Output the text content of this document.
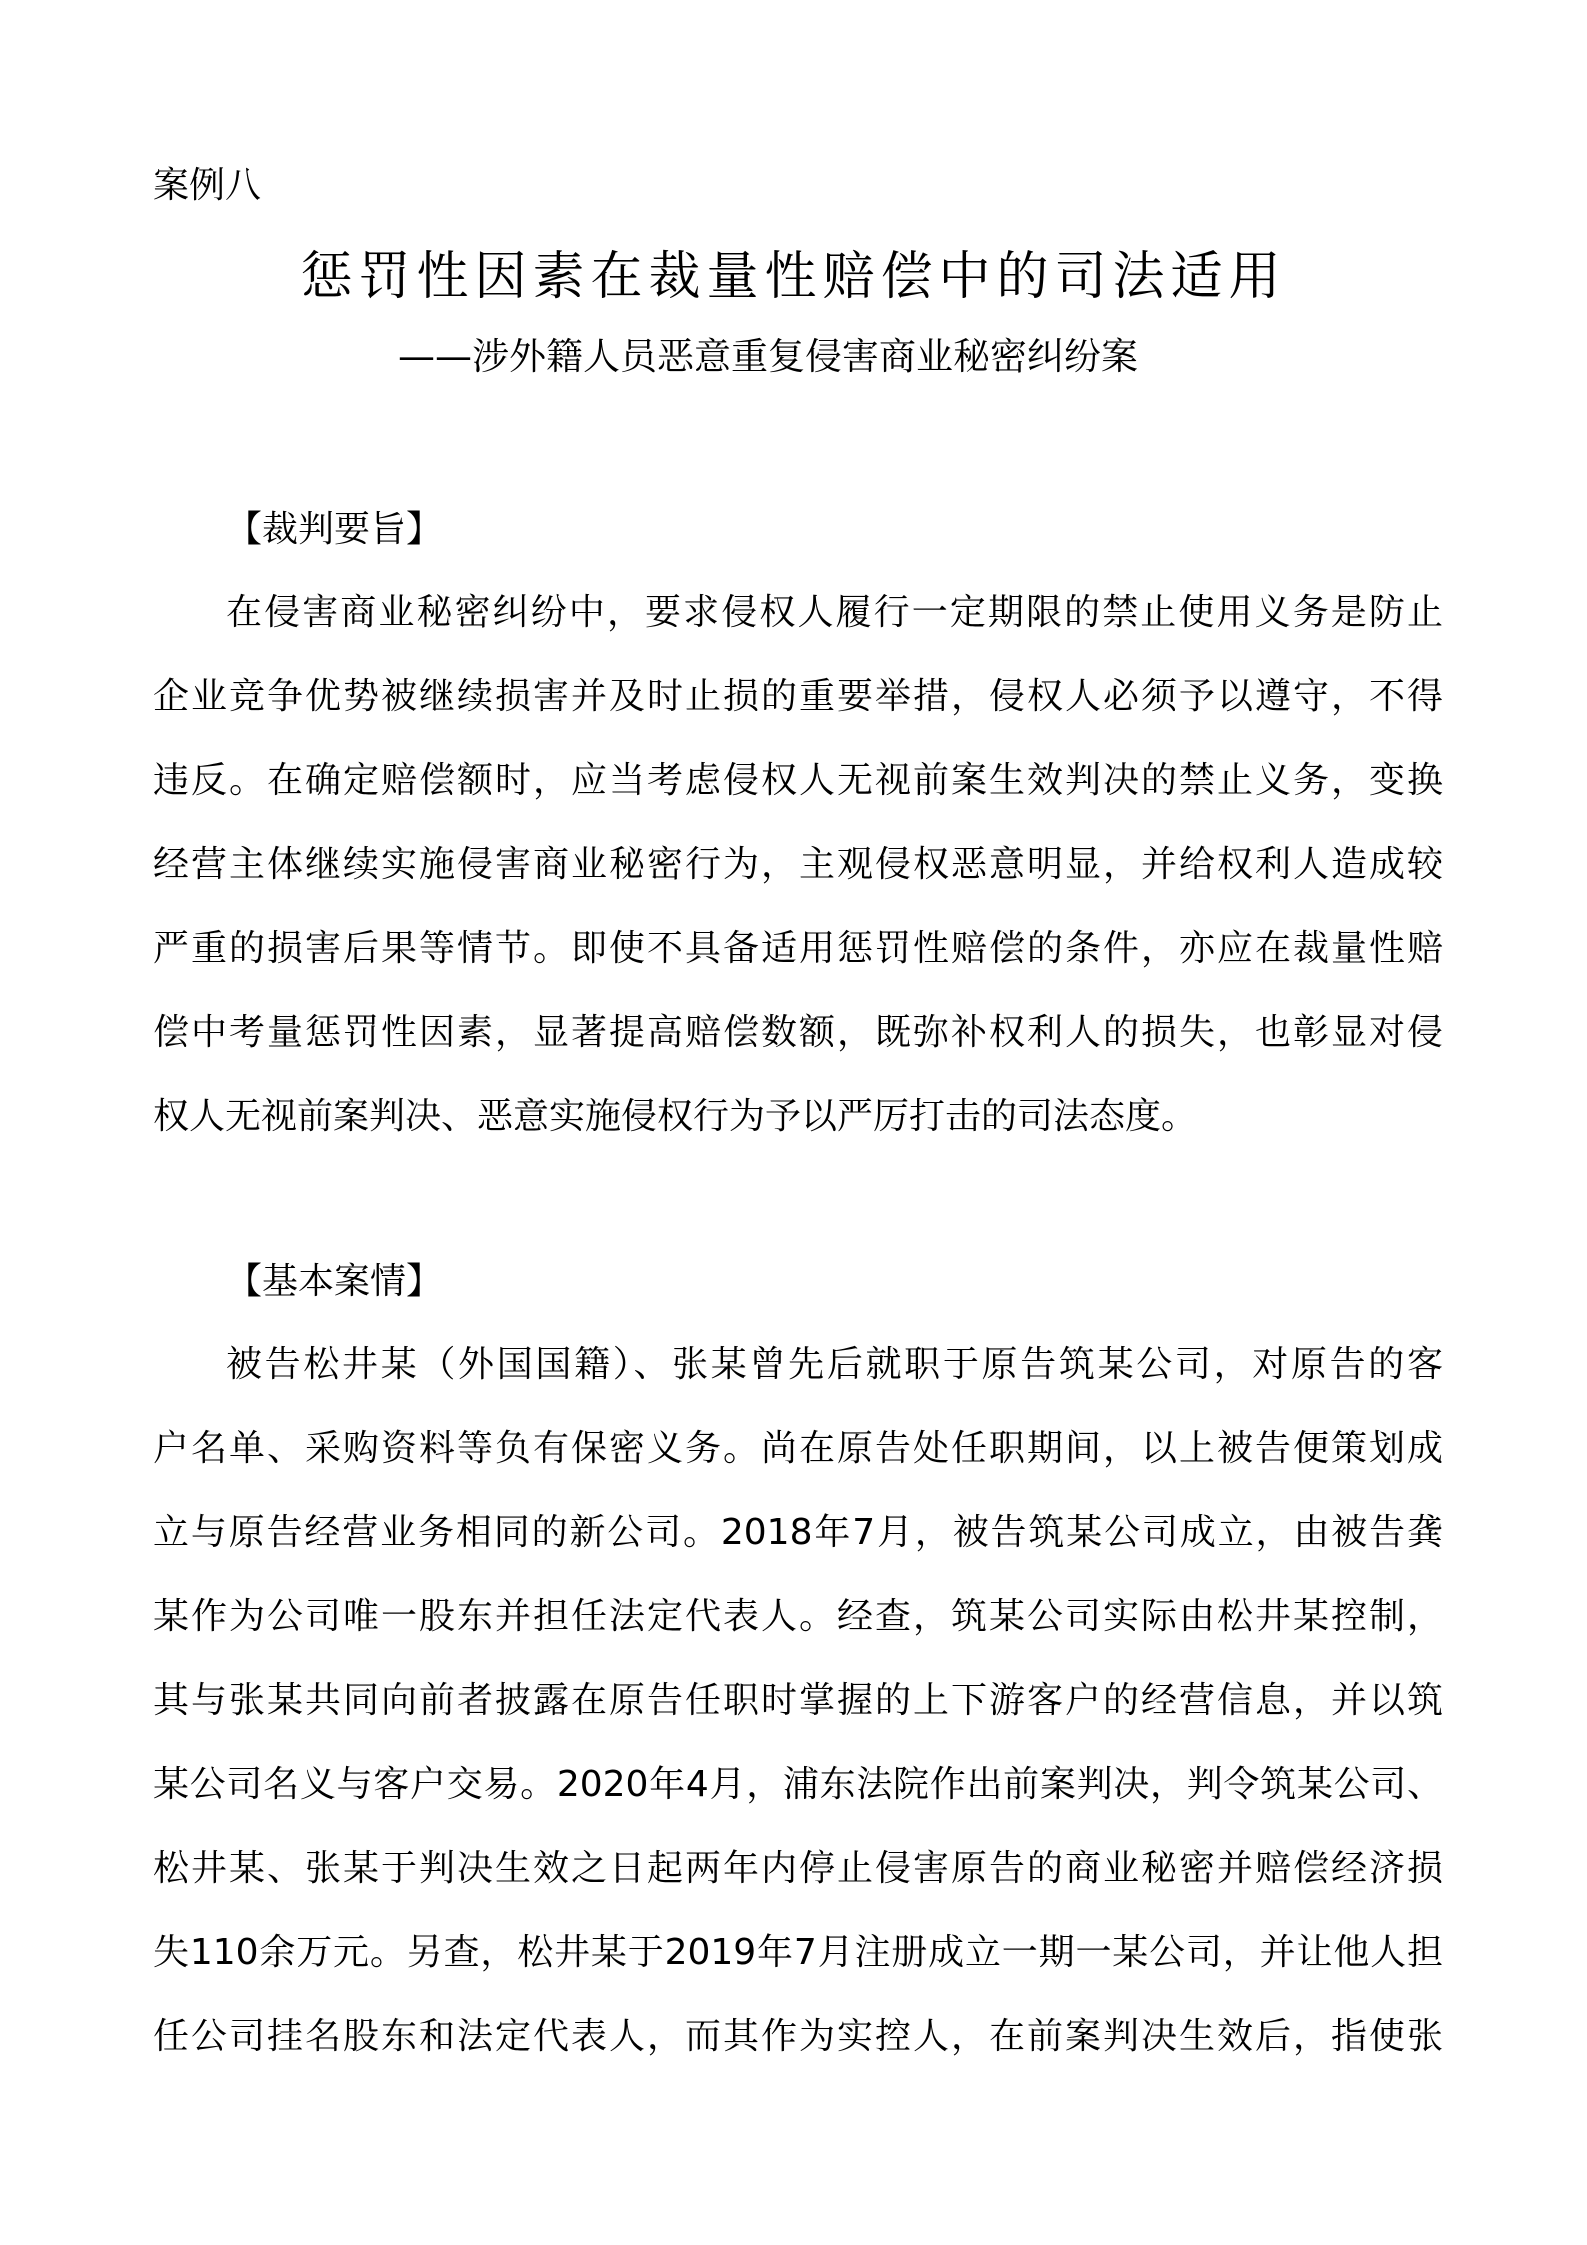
案例八
惩罚性因素在裁量性赔偿中的司法适用
——涉外籍人员恶意重复侵害商业秘密纠纷案
【裁判要旨】
在侵害商业秘密纠纷中，要求侵权人履行一定期限的禁止使用义务是防止
企业竞争优势被继续损害并及时止损的重要举措，侵权人必须予以遵守，不得
违反。在确定赔偿额时，应当考虑侵权人无视前案生效判决的禁止义务，变换
经营主体继续实施侵害商业秘密行为，主观侵权恶意明显，并给权利人造成较
严重的损害后果等情节。即使不具备适用惩罚性赔偿的条件，亦应在裁量性赔
偿中考量惩罚性因素，显著提高赔偿数额，既弥补权利人的损失，也彰显对侵
权人无视前案判决、恶意实施侵权行为予以严厉打击的司法态度。
【基本案情】
被告松井某（外国国籍）、张某曾先后就职于原告筑某公司，对原告的客
户名单、采购资料等负有保密义务。尚在原告处任职期间，以上被告便策划成
立与原告经营业务相同的新公司。2018年7月，被告筑某公司成立，由被告龚
某作为公司唯一股东并担任法定代表人。经查，筑某公司实际由松井某控制，
其与张某共同向前者披露在原告任职时掌握的上下游客户的经营信息，并以筑
某公司名义与客户交易。2020年4月，浦东法院作出前案判决，判令筑某公司、
松井某、张某于判决生效之日起两年内停止侵害原告的商业秘密并赔偿经济损
失110余万元。另查，松井某于2019年7月注册成立一期一某公司，并让他人担
任公司挂名股东和法定代表人，而其作为实控人，在前案判决生效后，指使张
